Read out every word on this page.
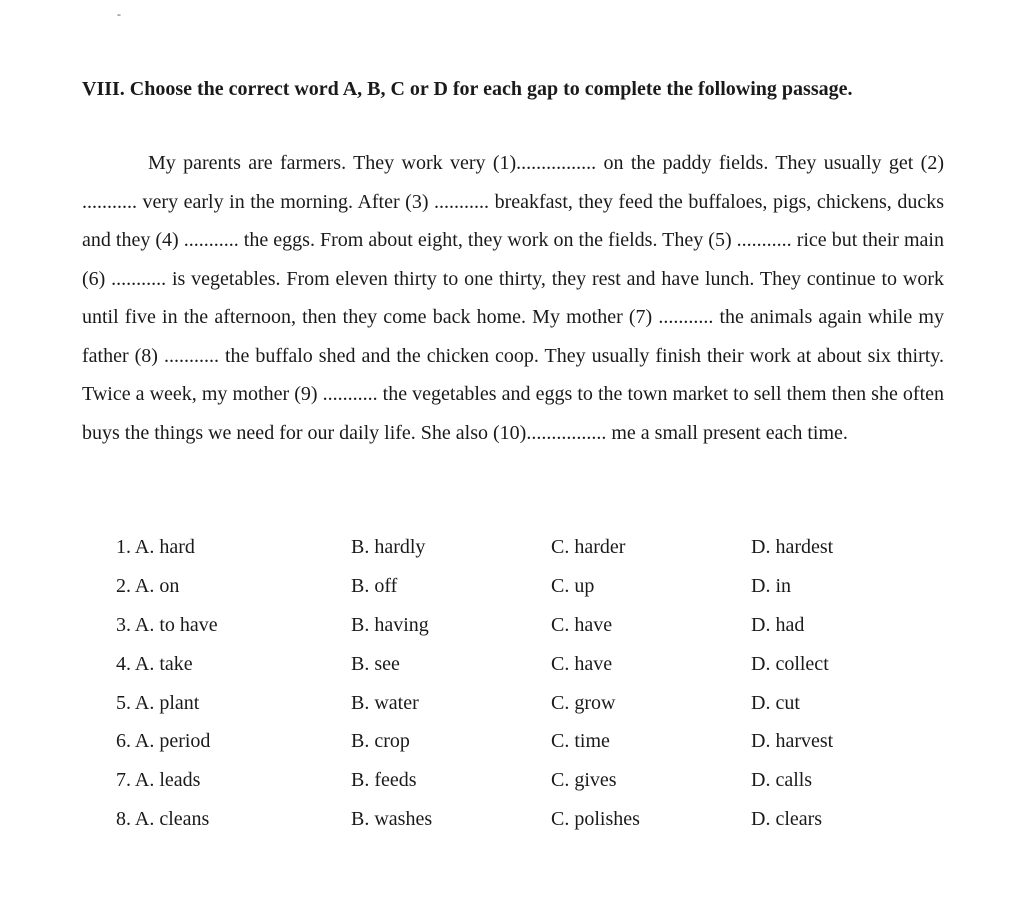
-

VIII. Choose the correct word A, B, C or D for each gap to complete the following passage.

My parents are farmers. They work very (1)................ on the paddy fields. They usually get (2) ........... very early in the morning. After (3) ........... breakfast, they feed the buffaloes, pigs, chickens, ducks and they (4) ........... the eggs. From about eight, they work on the fields. They (5) ........... rice but their main (6) ........... is vegetables. From eleven thirty to one thirty, they rest and have lunch. They continue to work until five in the afternoon, then they come back home. My mother (7) ........... the animals again while my father (8) ........... the buffalo shed and the chicken coop. They usually finish their work at about six thirty. Twice a week, my mother (9) ........... the vegetables and eggs to the town market to sell them then she often buys the things we need for our daily life. She also (10)................ me a small present each time.

1. A. hard	B. hardly	C. harder	D. hardest
2. A. on	B. off	C. up	D. in
3. A. to have	B. having	C. have	D. had
4. A. take	B. see	C. have	D. collect
5. A. plant	B. water	C. grow	D. cut
6. A. period	B. crop	C. time	D. harvest
7. A. leads	B. feeds	C. gives	D. calls
8. A. cleans	B. washes	C. polishes	D. clears
